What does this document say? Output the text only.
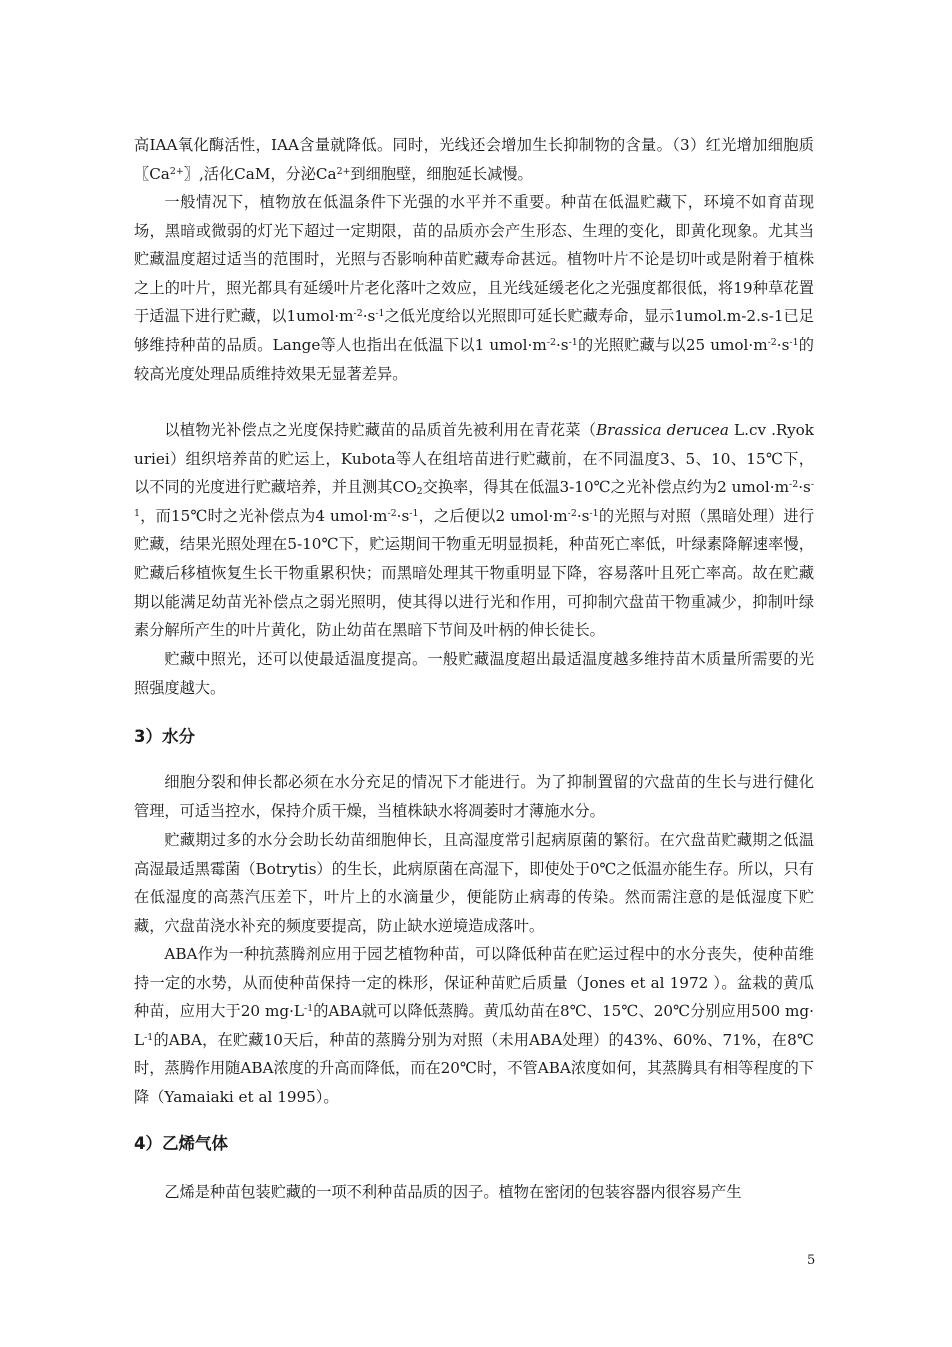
高IAA氧化酶活性，IAA含量就降低。同时，光线还会增加生长抑制物的含量。（3）红光增加细胞质〖$Ca^{2+}$〗,活化CaM，分泌$Ca^{2+}$到细胞壁，细胞延长减慢。

一般情况下，植物放在低温条件下光强的水平并不重要。种苗在低温贮藏下，环境不如育苗现场，黑暗或微弱的灯光下超过一定期限，苗的品质亦会产生形态、生理的变化，即黄化现象。尤其当贮藏温度超过适当的范围时，光照与否影响种苗贮藏寿命甚远。植物叶片不论是切叶或是附着于植株之上的叶片，照光都具有延缓叶片老化落叶之效应，且光线延缓老化之光强度都很低，将19种草花置于适温下进行贮藏，以$1umol\cdot m^{-2}\cdot s^{-1}$之低光度给以光照即可延长贮藏寿命，显示1umol.m-2.s-1已足够维持种苗的品质。Lange等人也指出在低温下以1 $umol\cdot m^{-2}\cdot s^{-1}$的光照贮藏与以25 $umol\cdot m^{-2}\cdot s^{-1}$的较高光度处理品质维持效果无显著差异。

以植物光补偿点之光度保持贮藏苗的品质首先被利用在青花菜（Brassica derucea L.cv .Ryokuriei）组织培养苗的贮运上，Kubota等人在组培苗进行贮藏前，在不同温度3、5、10、15℃下，以不同的光度进行贮藏培养，并且测其$CO_2$交换率，得其在低温3-10℃之光补偿点约为2 $umol\cdot m^{-2}\cdot s^{-1}$，而15℃时之光补偿点为4 $umol\cdot m^{-2}\cdot s^{-1}$，之后便以2 $umol\cdot m^{-2}\cdot s^{-1}$的光照与对照（黑暗处理）进行贮藏，结果光照处理在5-10℃下，贮运期间干物重无明显损耗，种苗死亡率低，叶绿素降解速率慢，贮藏后移植恢复生长干物重累积快；而黑暗处理其干物重明显下降，容易落叶且死亡率高。故在贮藏期以能满足幼苗光补偿点之弱光照明，使其得以进行光和作用，可抑制穴盘苗干物重减少，抑制叶绿素分解所产生的叶片黄化，防止幼苗在黑暗下节间及叶柄的伸长徒长。

贮藏中照光，还可以使最适温度提高。一般贮藏温度超出最适温度越多维持苗木质量所需要的光照强度越大。

3）水分

细胞分裂和伸长都必须在水分充足的情况下才能进行。为了抑制置留的穴盘苗的生长与进行健化管理，可适当控水，保持介质干燥，当植株缺水将凋萎时才薄施水分。

贮藏期过多的水分会助长幼苗细胞伸长，且高湿度常引起病原菌的繁衍。在穴盘苗贮藏期之低温高湿最适黑霉菌（Botrytis）的生长，此病原菌在高湿下，即使处于0℃之低温亦能生存。所以，只有在低湿度的高蒸汽压差下，叶片上的水滴量少，便能防止病毒的传染。然而需注意的是低湿度下贮藏，穴盘苗浇水补充的频度要提高，防止缺水逆境造成落叶。

ABA作为一种抗蒸腾剂应用于园艺植物种苗，可以降低种苗在贮运过程中的水分丧失，使种苗维持一定的水势，从而使种苗保持一定的株形，保证种苗贮后质量（Jones et al 1972 ）。盆栽的黄瓜种苗，应用大于20 $mg\cdot L^{-1}$的ABA就可以降低蒸腾。黄瓜幼苗在8℃、15℃、20℃分别应用500 $mg\cdot L^{-1}$的ABA，在贮藏10天后，种苗的蒸腾分别为对照（未用ABA处理）的43%、60%、71%，在8℃时，蒸腾作用随ABA浓度的升高而降低，而在20℃时，不管ABA浓度如何，其蒸腾具有相等程度的下降（Yamaiaki et al 1995）。

4）乙烯气体

乙烯是种苗包装贮藏的一项不利种苗品质的因子。植物在密闭的包装容器内很容易产生

5
